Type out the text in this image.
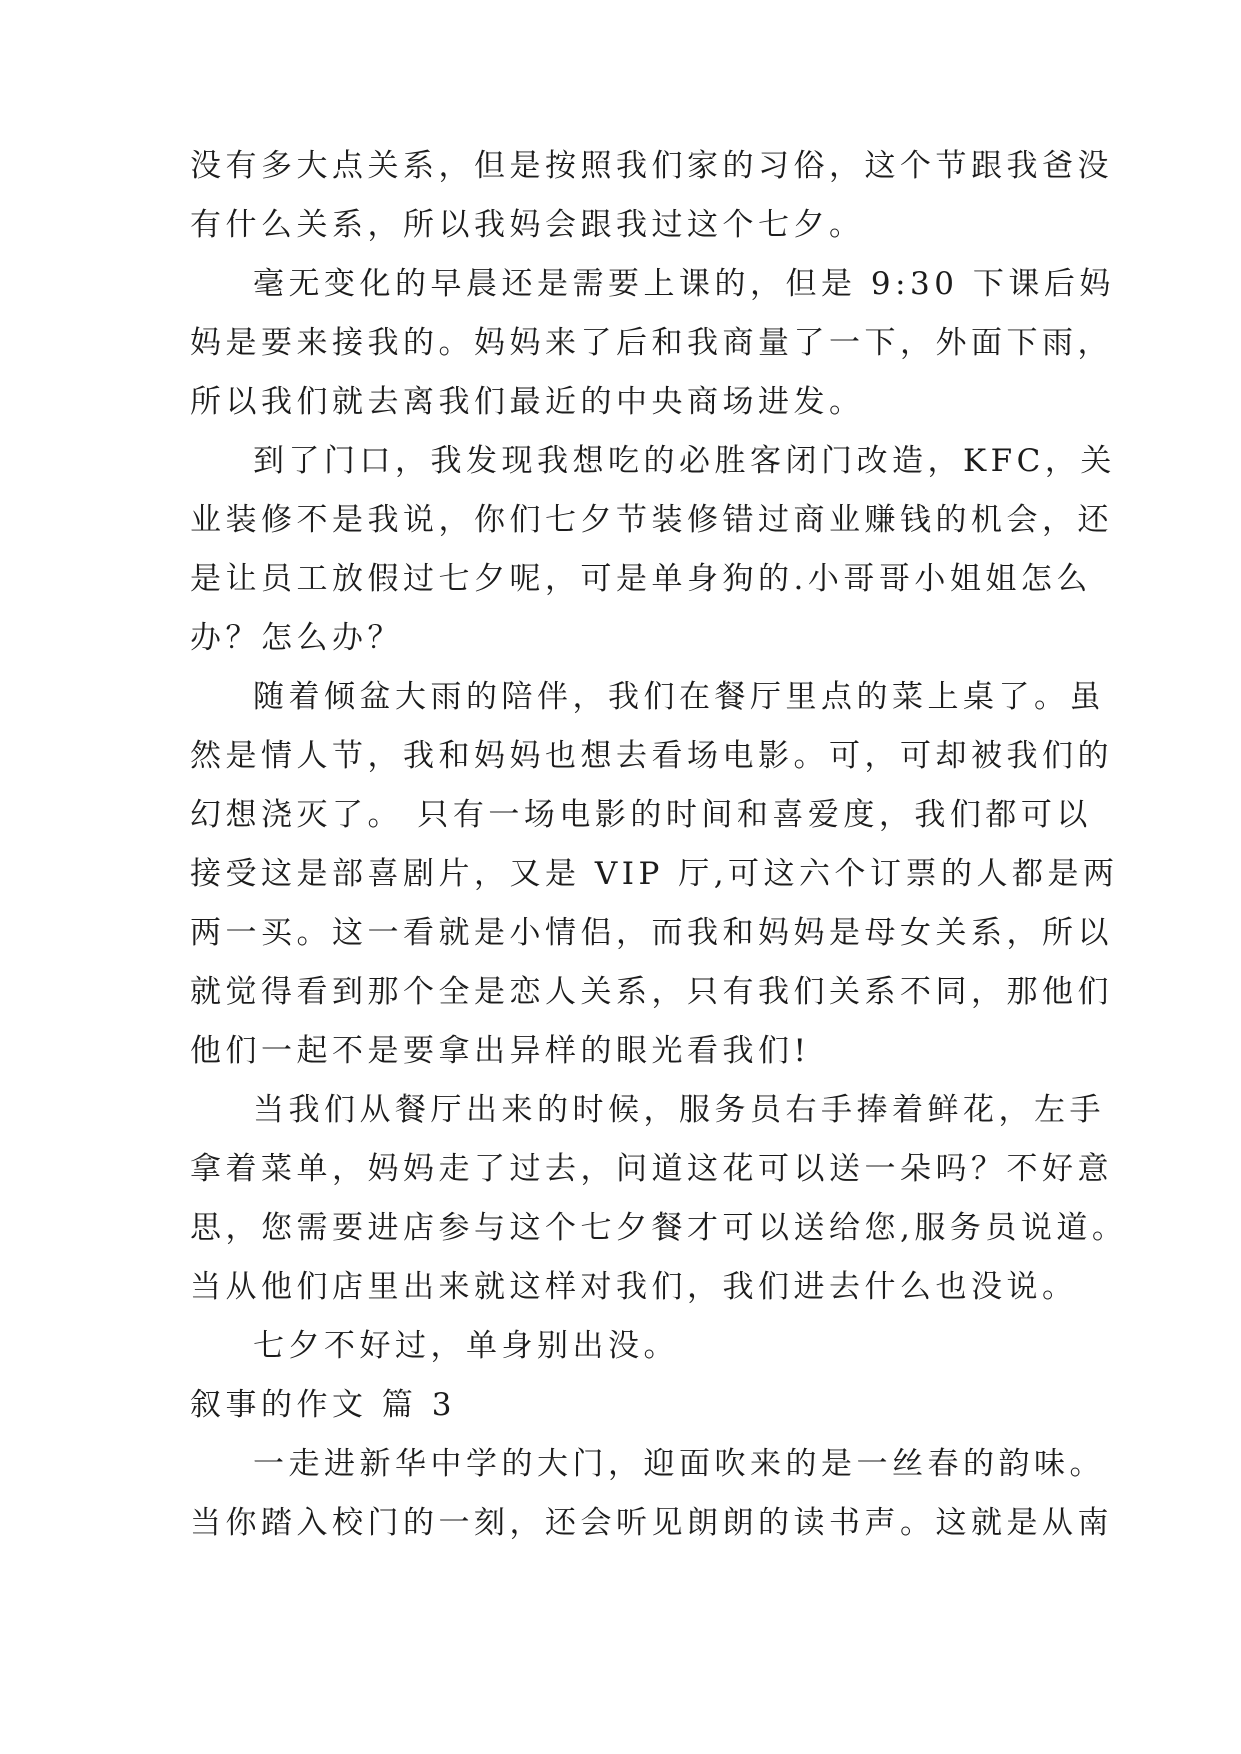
没有多大点关系，但是按照我们家的习俗，这个节跟我爸没
有什么关系，所以我妈会跟我过这个七夕。
毫无变化的早晨还是需要上课的，但是 9:30 下课后妈
妈是要来接我的。妈妈来了后和我商量了一下，外面下雨，
所以我们就去离我们最近的中央商场进发。
到了门口，我发现我想吃的必胜客闭门改造，KFC，关
业装修不是我说，你们七夕节装修错过商业赚钱的机会，还
是让员工放假过七夕呢，可是单身狗的.小哥哥小姐姐怎么
办？怎么办？
随着倾盆大雨的陪伴，我们在餐厅里点的菜上桌了。虽
然是情人节，我和妈妈也想去看场电影。可，可却被我们的
幻想浇灭了。 只有一场电影的时间和喜爱度，我们都可以
接受这是部喜剧片，又是 VIP 厅,可这六个订票的人都是两
两一买。这一看就是小情侣，而我和妈妈是母女关系，所以
就觉得看到那个全是恋人关系，只有我们关系不同，那他们
他们一起不是要拿出异样的眼光看我们!
当我们从餐厅出来的时候，服务员右手捧着鲜花，左手
拿着菜单，妈妈走了过去，问道这花可以送一朵吗？不好意
思，您需要进店参与这个七夕餐才可以送给您,服务员说道。
当从他们店里出来就这样对我们，我们进去什么也没说。
七夕不好过，单身别出没。
叙事的作文 篇 3
一走进新华中学的大门，迎面吹来的是一丝春的韵味。
当你踏入校门的一刻，还会听见朗朗的读书声。这就是从南
